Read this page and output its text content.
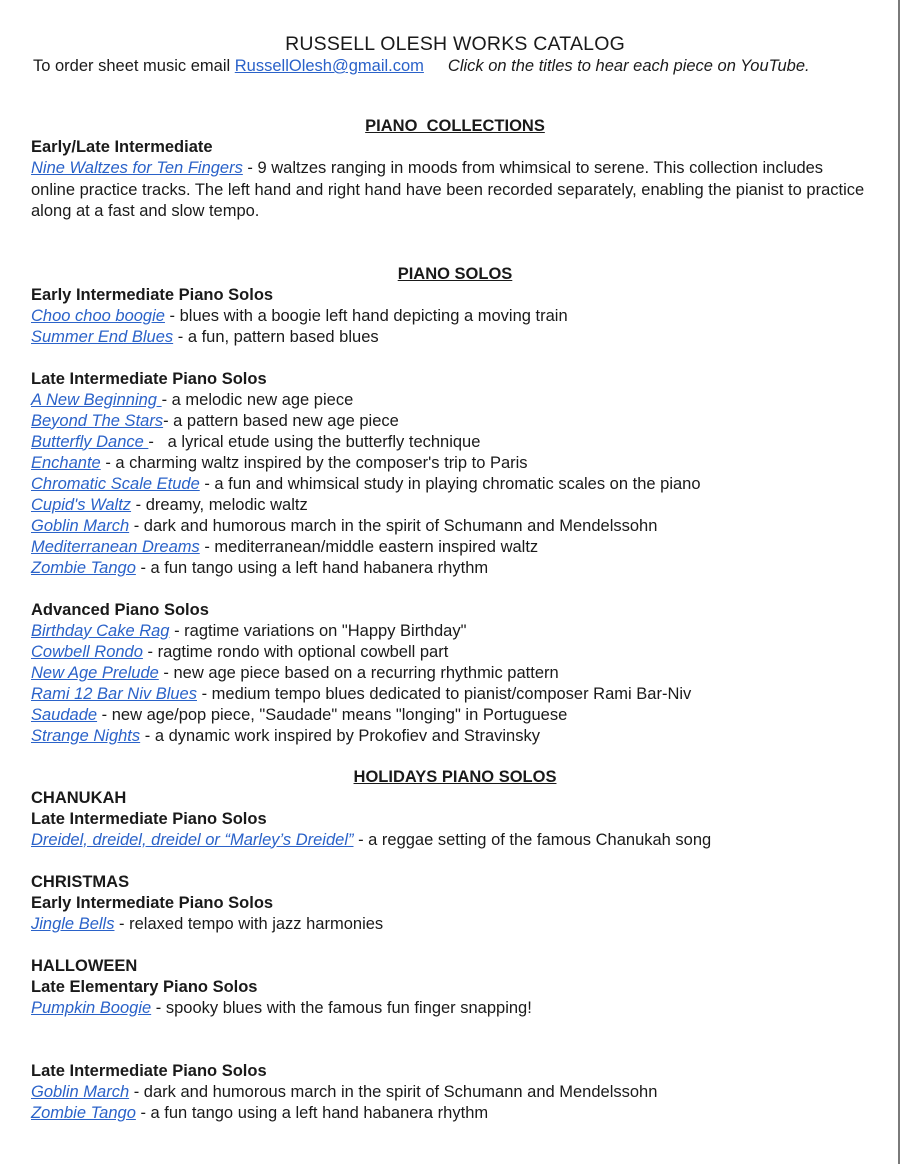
RUSSELL OLESH WORKS CATALOG
To order sheet music email RussellOlesh@gmail.com Click on the titles to hear each piece on YouTube.
PIANO  COLLECTIONS
Early/Late Intermediate
Nine Waltzes for Ten Fingers - 9 waltzes ranging in moods from whimsical to serene. This collection includes online practice tracks. The left hand and right hand have been recorded separately, enabling the pianist to practice along at a fast and slow tempo.
PIANO SOLOS
Early Intermediate Piano Solos
Choo choo boogie - blues with a boogie left hand depicting a moving train
Summer End Blues - a fun, pattern based blues
Late Intermediate Piano Solos
A New Beginning - a melodic new age piece
Beyond The Stars- a pattern based new age piece
Butterfly Dance -   a lyrical etude using the butterfly technique
Enchante - a charming waltz inspired by the composer's trip to Paris
Chromatic Scale Etude - a fun and whimsical study in playing chromatic scales on the piano
Cupid's Waltz - dreamy, melodic waltz
Goblin March - dark and humorous march in the spirit of Schumann and Mendelssohn
Mediterranean Dreams - mediterranean/middle eastern inspired waltz
Zombie Tango - a fun tango using a left hand habanera rhythm
Advanced Piano Solos
Birthday Cake Rag - ragtime variations on "Happy Birthday"
Cowbell Rondo - ragtime rondo with optional cowbell part
New Age Prelude - new age piece based on a recurring rhythmic pattern
Rami 12 Bar Niv Blues - medium tempo blues dedicated to pianist/composer Rami Bar-Niv
Saudade - new age/pop piece, "Saudade" means "longing" in Portuguese
Strange Nights - a dynamic work inspired by Prokofiev and Stravinsky
HOLIDAYS PIANO SOLOS
CHANUKAH
Late Intermediate Piano Solos
Dreidel, dreidel, dreidel or “Marley’s Dreidel” - a reggae setting of the famous Chanukah song
CHRISTMAS
Early Intermediate Piano Solos
Jingle Bells - relaxed tempo with jazz harmonies
HALLOWEEN
Late Elementary Piano Solos
Pumpkin Boogie - spooky blues with the famous fun finger snapping!
Late Intermediate Piano Solos
Goblin March - dark and humorous march in the spirit of Schumann and Mendelssohn
Zombie Tango - a fun tango using a left hand habanera rhythm
